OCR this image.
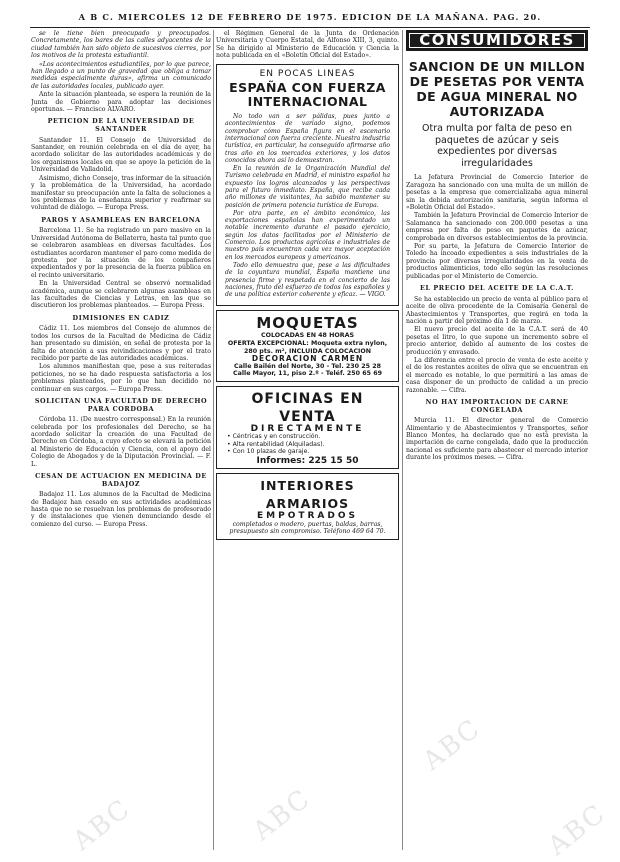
A B C. MIERCOLES 12 DE FEBRERO DE 1975. EDICION DE LA MAÑANA. PAG. 20.

se le tiene bien preocupado y preocupados. Concretamente, los bares de las calles adyacentes de la ciudad también han sido objeto de sucesivos cierres, por los motivos de la protesta estudiantil.

«Los acontecimientos estudiantiles, por lo que parece, han llegado a un punto de gravedad que obliga a tomar medidas especialmente duras», afirma un comunicado de las autoridades locales, publicado ayer.

Ante la situación planteada, se espera la reunión de la Junta de Gobierno para adoptar las decisiones oportunas. — Francisco ALVARO.

PETICION DE LA UNIVERSIDAD DE SANTANDER

Santander 11. El Consejo de Universidad de Santander, en reunión celebrada en el día de ayer, ha acordado solicitar de las autoridades académicas y de los organismos locales en que se apoye la petición de la Universidad de Valladolid.

Asimismo, dicho Consejo, tras informar de la situación y la problemática de la Universidad, ha acordado manifestar su preocupación ante la falta de soluciones a los problemas de la enseñanza superior y reafirmar su voluntad de diálogo. — Europa Press.

PAROS Y ASAMBLEAS EN BARCELONA

Barcelona 11. Se ha registrado un paro masivo en la Universidad Autónoma de Bellaterra, hasta tal punto que se celebraron asambleas en diversas facultades. Los estudiantes acordaron mantener el paro como medida de protesta por la situación de los compañeros expedientados y por la presencia de la fuerza pública en el recinto universitario.

En la Universidad Central se observó normalidad académica, aunque se celebraron algunas asambleas en las facultades de Ciencias y Letras, en las que se discutieron los problemas planteados. — Europa Press.

DIMISIONES EN CADIZ

Cádiz 11. Los miembros del Consejo de alumnos de todos los cursos de la Facultad de Medicina de Cádiz han presentado su dimisión, en señal de protesta por la falta de atención a sus reivindicaciones y por el trato recibido por parte de las autoridades académicas.

Los alumnos manifiestan que, pese a sus reiteradas peticiones, no se ha dado respuesta satisfactoria a los problemas planteados, por lo que han decidido no continuar en sus cargos. — Europa Press.

SOLICITAN UNA FACULTAD DE DERECHO PARA CORDOBA

Córdoba 11. (De nuestro corresponsal.) En la reunión celebrada por los profesionales del Derecho, se ha acordado solicitar la creación de una Facultad de Derecho en Córdoba, a cuyo efecto se elevará la petición al Ministerio de Educación y Ciencia, con el apoyo del Colegio de Abogados y de la Diputación Provincial. — F. L.

CESAN DE ACTUACION EN MEDICINA DE BADAJOZ

Badajoz 11. Los alumnos de la Facultad de Medicina de Badajoz han cesado en sus actividades académicas hasta que no se resuelvan los problemas de profesorado y de instalaciones que vienen denunciando desde el comienzo del curso. — Europa Press.

el Régimen General de la Junta de Ordenación Universitaria y Cuerpo Estatal, de Alfonso XIII, 3, quinto. Se ha dirigido al Ministerio de Educación y Ciencia la nota publicada en el «Boletín Oficial del Estado».

EN POCAS LINEAS
ESPAÑA CON FUERZA INTERNACIONAL

No todo van a ser pálidas, pues junto a acontecimientos de variado signo, podemos comprobar cómo España figura en el escenario internacional con fuerza creciente. Nuestra industria turística, en particular, ha conseguido afirmarse año tras año en los mercados exteriores, y los datos conocidos ahora así lo demuestran.

En la reunión de la Organización Mundial del Turismo celebrada en Madrid, el ministro español ha expuesto los logros alcanzados y las perspectivas para el futuro inmediato. España, que recibe cada año millones de visitantes, ha sabido mantener su posición de primera potencia turística de Europa.

Por otra parte, en el ámbito económico, las exportaciones españolas han experimentado un notable incremento durante el pasado ejercicio, según los datos facilitados por el Ministerio de Comercio. Los productos agrícolas e industriales de nuestro país encuentran cada vez mayor aceptación en los mercados europeos y americanos.

Todo ello demuestra que, pese a las dificultades de la coyuntura mundial, España mantiene una presencia firme y respetada en el concierto de las naciones, fruto del esfuerzo de todos los españoles y de una política exterior coherente y eficaz. — VIGO.

MOQUETAS
COLOCADAS EN 48 HORAS
OFERTA EXCEPCIONAL: Moqueta extra nylon, 280 pts. m², INCLUIDA COLOCACION
DECORACION CARMEN
Calle Bailén del Norte, 30 - Tel. 230 25 28
Calle Mayor, 11, piso 2.º - Teléf. 250 65 69
OFICINAS EN VENTA
DIRECTAMENTE
• Céntricas y en construcción.
• Alta rentabilidad (Alquiladas).
• Con 10 plazas de garaje.
Informes: 225 15 50
INTERIORES ARMARIOS
EMPOTRADOS
completados o modero, puertas, baldas, barras, presupuesto sin compromiso. Teléfono 469 64 70.
CONSUMIDORES
SANCION DE UN MILLON DE PESETAS POR VENTA DE AGUA MINERAL NO AUTORIZADA
Otra multa por falta de peso en paquetes de azúcar y seis expedientes por diversas irregularidades

La Jefatura Provincial de Comercio Interior de Zaragoza ha sancionado con una multa de un millón de pesetas a la empresa que comercializaba agua mineral sin la debida autorización sanitaria, según informa el «Boletín Oficial del Estado».

También la Jefatura Provincial de Comercio Interior de Salamanca ha sancionado con 200.000 pesetas a una empresa por falta de peso en paquetes de azúcar, comprobada en diversos establecimientos de la provincia.

Por su parte, la Jefatura de Comercio Interior de Toledo ha incoado expedientes a seis industriales de la provincia por diversas irregularidades en la venta de productos alimenticios, todo ello según las resoluciones publicadas por el Ministerio de Comercio.

EL PRECIO DEL ACEITE DE LA C.A.T.

Se ha establecido un precio de venta al público para el aceite de oliva procedente de la Comisaría General de Abastecimientos y Transportes, que regirá en toda la nación a partir del próximo día 1 de marzo.

El nuevo precio del aceite de la C.A.T. será de 40 pesetas el litro, lo que supone un incremento sobre el precio anterior, debido al aumento de los costes de producción y envasado.

La diferencia entre el precio de venta de este aceite y el de los restantes aceites de oliva que se encuentran en el mercado es notable, lo que permitirá a las amas de casa disponer de un producto de calidad a un precio razonable. — Cifra.

NO HAY IMPORTACION DE CARNE CONGELADA

Murcia 11. El director general de Comercio Alimentario y de Abastecimientos y Transportes, señor Blanco Montes, ha declarado que no está prevista la importación de carne congelada, dado que la producción nacional es suficiente para abastecer el mercado interior durante los próximos meses. — Cifra.

ABC	ABC
ABC
ABC
